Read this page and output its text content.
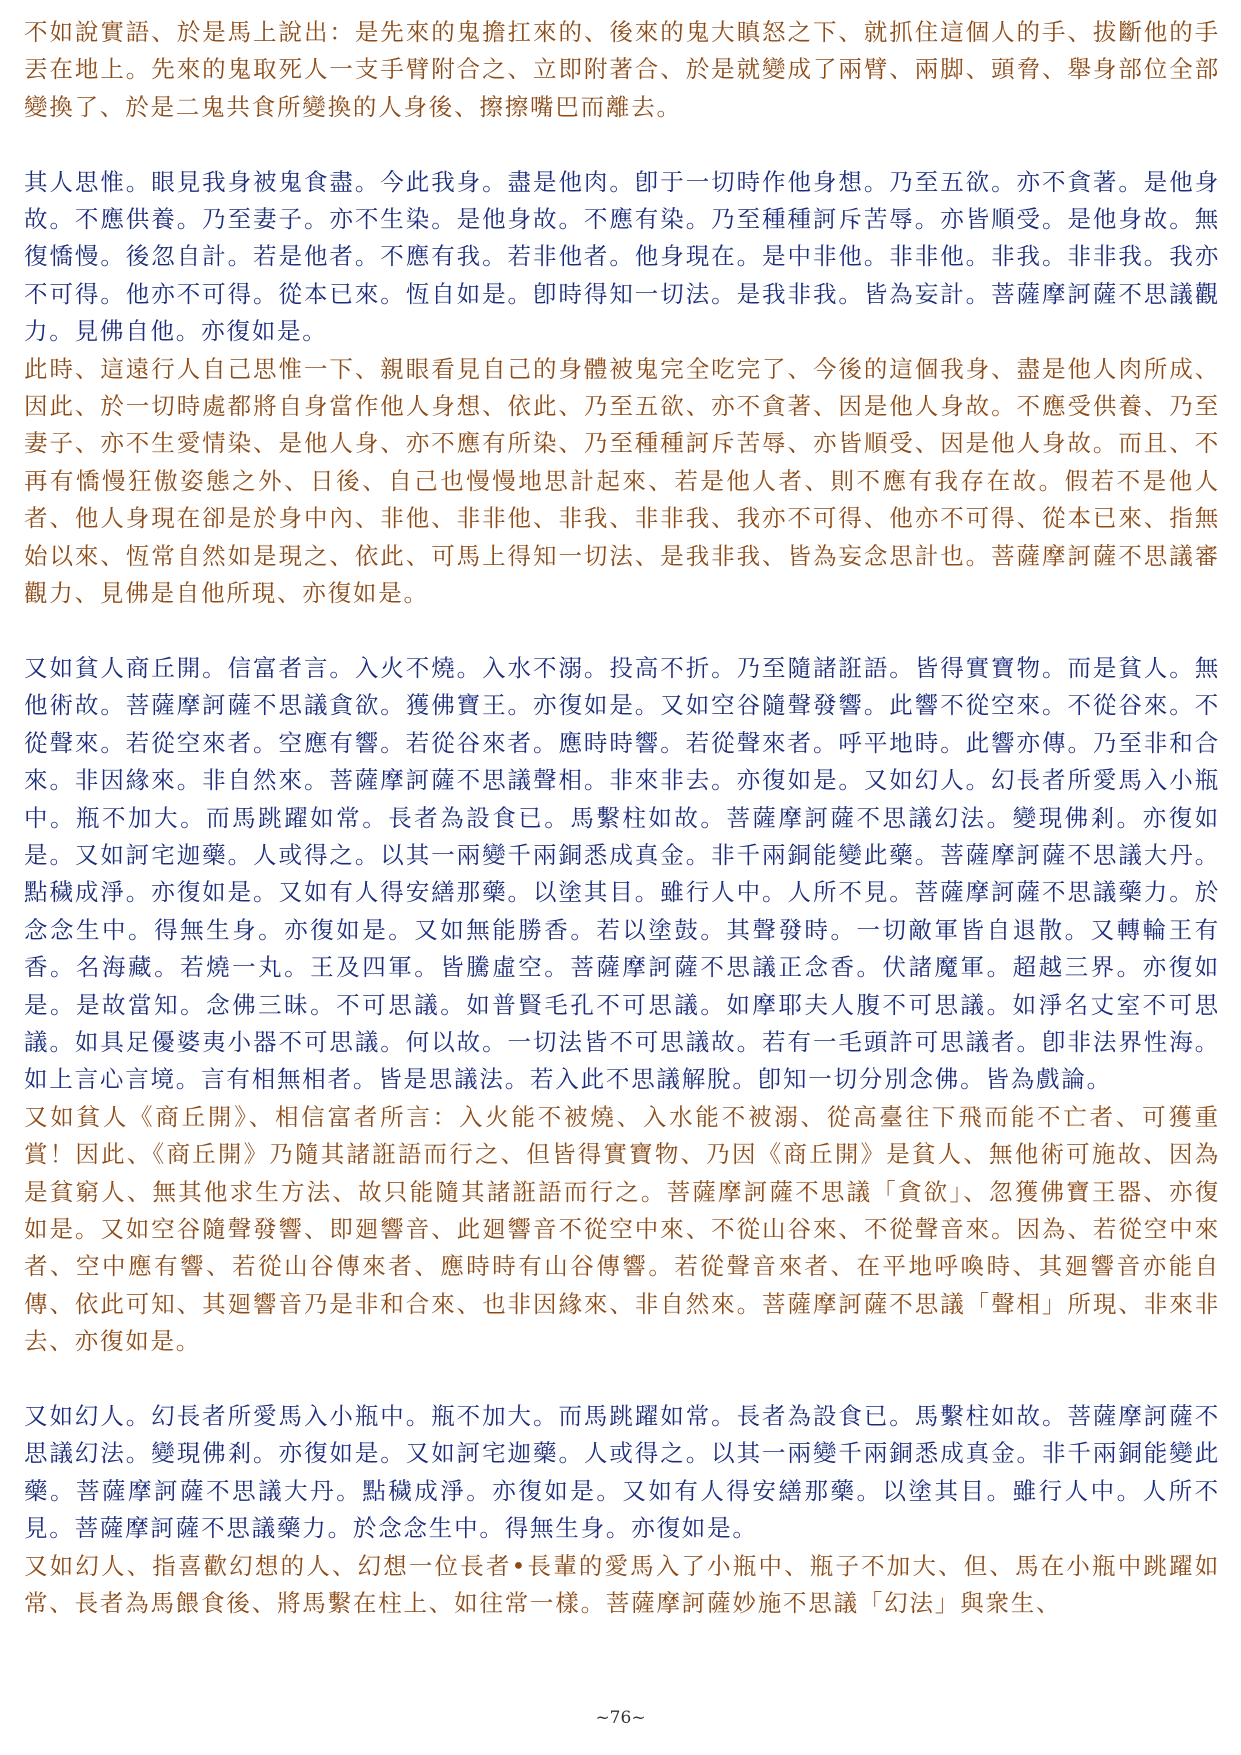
不如說實語、於是馬上說出：是先來的鬼擔扛來的、後來的鬼大瞋怒之下、就抓住這個人的手、拔斷他的手丟在地上。先來的鬼取死人一支手臂附合之、立即附著合、於是就變成了兩臂、兩脚、頭脅、舉身部位全部變換了、於是二鬼共食所變換的人身後、擦擦嘴巴而離去。

其人思惟。眼見我身被鬼食盡。今此我身。盡是他肉。卽于一切時作他身想。乃至五欲。亦不貪著。是他身故。不應供養。乃至妻子。亦不生染。是他身故。不應有染。乃至種種訶斥苦辱。亦皆順受。是他身故。無復憍慢。後忽自計。若是他者。不應有我。若非他者。他身現在。是中非他。非非他。非我。非非我。我亦不可得。他亦不可得。從本已來。恆自如是。卽時得知一切法。是我非我。皆為妄計。菩薩摩訶薩不思議觀力。見佛自他。亦復如是。

此時、這遠行人自己思惟一下、親眼看見自己的身體被鬼完全吃完了、今後的這個我身、盡是他人肉所成、因此、於一切時處都將自身當作他人身想、依此、乃至五欲、亦不貪著、因是他人身故。不應受供養、乃至妻子、亦不生愛情染、是他人身、亦不應有所染、乃至種種訶斥苦辱、亦皆順受、因是他人身故。而且、不再有憍慢狂傲姿態之外、日後、自己也慢慢地思計起來、若是他人者、則不應有我存在故。假若不是他人者、他人身現在卻是於身中內、非他、非非他、非我、非非我、我亦不可得、他亦不可得、從本已來、指無始以來、恆常自然如是現之、依此、可馬上得知一切法、是我非我、皆為妄念思計也。菩薩摩訶薩不思議審觀力、見佛是自他所現、亦復如是。

又如貧人商丘開。信富者言。入火不燒。入水不溺。投高不折。乃至隨諸誑語。皆得實寶物。而是貧人。無他術故。菩薩摩訶薩不思議貪欲。獲佛寶王。亦復如是。又如空谷隨聲發響。此響不從空來。不從谷來。不從聲來。若從空來者。空應有響。若從谷來者。應時時響。若從聲來者。呼平地時。此響亦傳。乃至非和合來。非因緣來。非自然來。菩薩摩訶薩不思議聲相。非來非去。亦復如是。又如幻人。幻長者所愛馬入小瓶中。瓶不加大。而馬跳躍如常。長者為設食已。馬繫柱如故。菩薩摩訶薩不思議幻法。變現佛剎。亦復如是。又如訶宅迦藥。人或得之。以其一兩變千兩銅悉成真金。非千兩銅能變此藥。菩薩摩訶薩不思議大丹。點穢成淨。亦復如是。又如有人得安繕那藥。以塗其目。雖行人中。人所不見。菩薩摩訶薩不思議藥力。於念念生中。得無生身。亦復如是。又如無能勝香。若以塗鼓。其聲發時。一切敵軍皆自退散。又轉輪王有香。名海藏。若燒一丸。王及四軍。皆騰虛空。菩薩摩訶薩不思議正念香。伏諸魔軍。超越三界。亦復如是。是故當知。念佛三昧。不可思議。如普賢毛孔不可思議。如摩耶夫人腹不可思議。如淨名丈室不可思議。如具足優婆夷小器不可思議。何以故。一切法皆不可思議故。若有一毛頭許可思議者。卽非法界性海。如上言心言境。言有相無相者。皆是思議法。若入此不思議解脫。卽知一切分別念佛。皆為戲論。

又如貧人《商丘開》、相信富者所言：入火能不被燒、入水能不被溺、從高臺往下飛而能不亡者、可獲重賞！因此、《商丘開》乃隨其諸誑語而行之、但皆得實寶物、乃因《商丘開》是貧人、無他術可施故、因為是貧窮人、無其他求生方法、故只能隨其諸誑語而行之。菩薩摩訶薩不思議「貪欲」、忽獲佛寶王器、亦復如是。又如空谷隨聲發響、即廻響音、此廻響音不從空中來、不從山谷來、不從聲音來。因為、若從空中來者、空中應有響、若從山谷傳來者、應時時有山谷傳響。若從聲音來者、在平地呼喚時、其廻響音亦能自傳、依此可知、其廻響音乃是非和合來、也非因緣來、非自然來。菩薩摩訶薩不思議「聲相」所現、非來非去、亦復如是。

又如幻人。幻長者所愛馬入小瓶中。瓶不加大。而馬跳躍如常。長者為設食已。馬繫柱如故。菩薩摩訶薩不思議幻法。變現佛剎。亦復如是。又如訶宅迦藥。人或得之。以其一兩變千兩銅悉成真金。非千兩銅能變此藥。菩薩摩訶薩不思議大丹。點穢成淨。亦復如是。又如有人得安繕那藥。以塗其目。雖行人中。人所不見。菩薩摩訶薩不思議藥力。於念念生中。得無生身。亦復如是。

又如幻人、指喜歡幻想的人、幻想一位長者•長輩的愛馬入了小瓶中、瓶子不加大、但、馬在小瓶中跳躍如常、長者為馬餵食後、將馬繫在柱上、如往常一樣。菩薩摩訶薩妙施不思議「幻法」與衆生、

~76~
